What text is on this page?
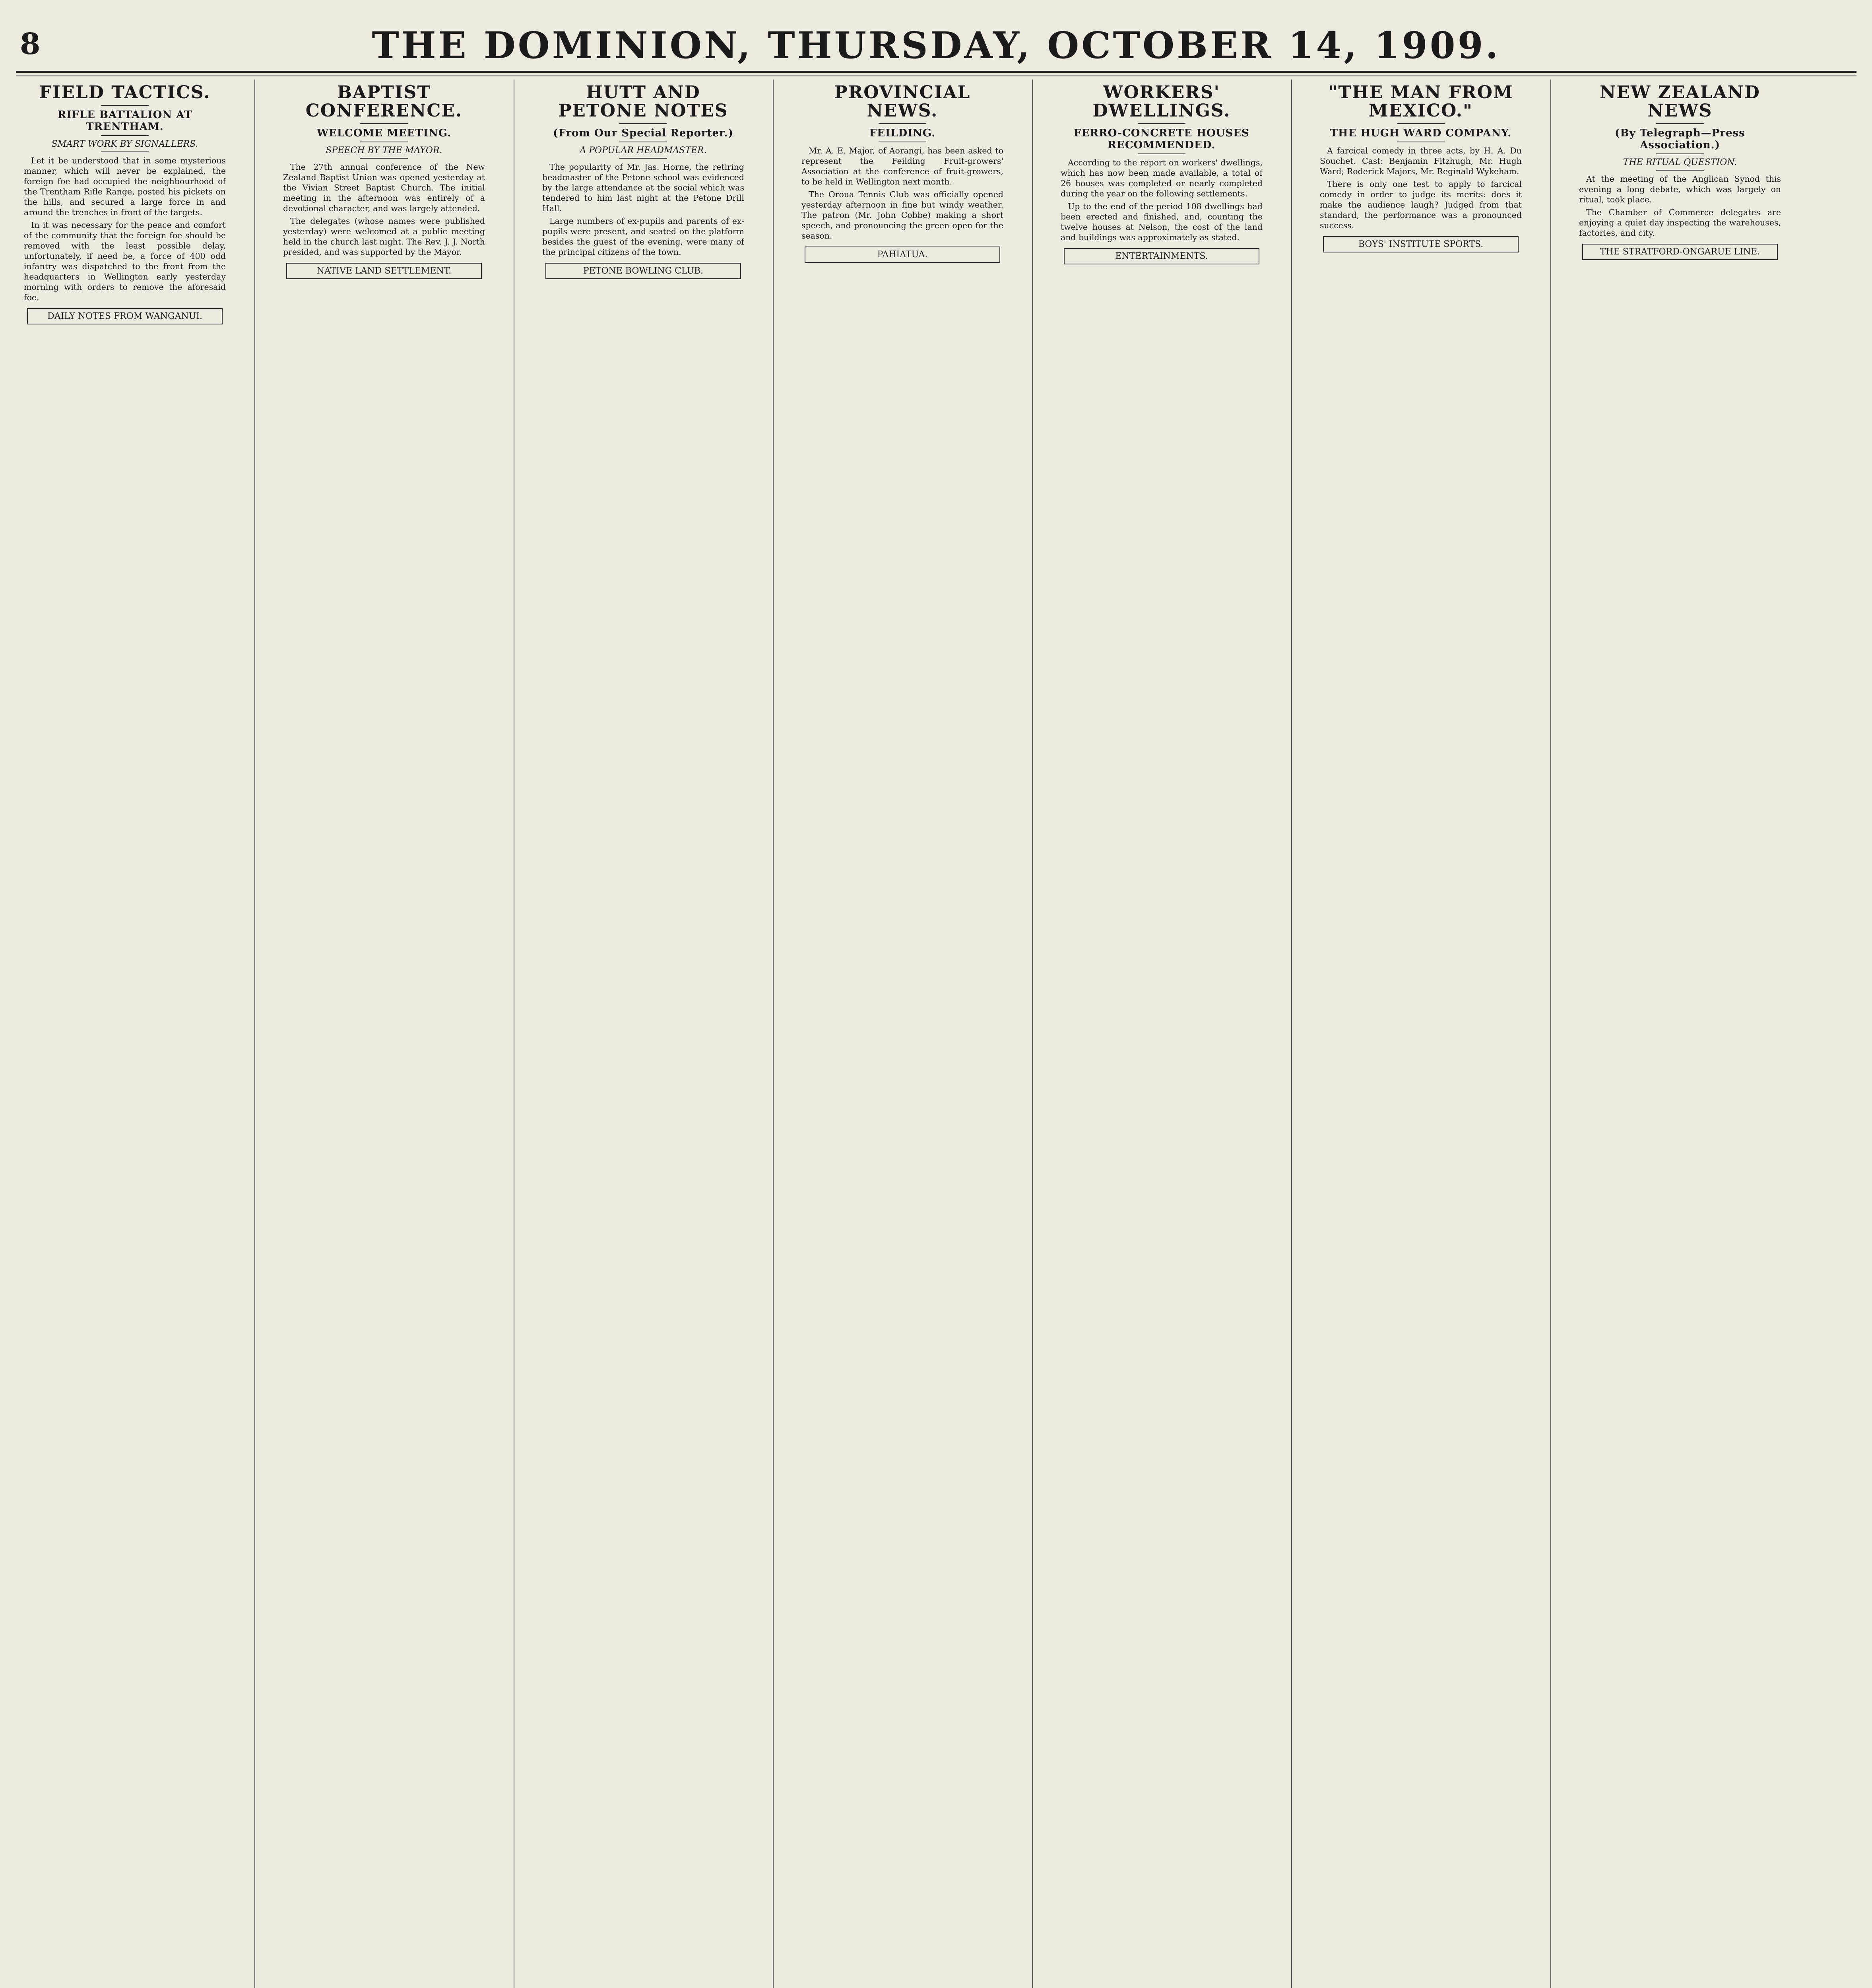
8	THE DOMINION, THURSDAY, OCTOBER 14, 1909.
FIELD TACTICS.
RIFLE BATTALION AT TRENTHAM.
SMART WORK BY SIGNALLERS.

Let it be understood that in some mysterious manner, which will never be explained, the foreign foe had occupied the neighbourhood of the Trentham Rifle Range, posted his pickets on the hills, and secured a large force in and around the trenches in front of the targets.

In it was necessary for the peace and comfort of the community that the foreign foe should be removed with the least possible delay, unfortunately, if need be, a force of 400 odd infantry was dispatched to the front from the headquarters in Wellington early yesterday morning with orders to remove the aforesaid foe.

DAILY NOTES FROM WANGANUI.
BAPTIST CONFERENCE.
WELCOME MEETING.
SPEECH BY THE MAYOR.

The 27th annual conference of the New Zealand Baptist Union was opened yesterday at the Vivian Street Baptist Church. The initial meeting in the afternoon was entirely of a devotional character, and was largely attended.

The delegates (whose names were published yesterday) were welcomed at a public meeting held in the church last night. The Rev. J. J. North presided, and was supported by the Mayor.

NATIVE LAND SETTLEMENT.
HUTT AND PETONE NOTES
(From Our Special Reporter.)
A POPULAR HEADMASTER.

The popularity of Mr. Jas. Horne, the retiring headmaster of the Petone school was evidenced by the large attendance at the social which was tendered to him last night at the Petone Drill Hall.

Large numbers of ex-pupils and parents of ex-pupils were present, and seated on the platform besides the guest of the evening, were many of the principal citizens of the town.

PETONE BOWLING CLUB.
PROVINCIAL NEWS.
FEILDING.

Mr. A. E. Major, of Aorangi, has been asked to represent the Feilding Fruit-growers' Association at the conference of fruit-growers, to be held in Wellington next month.

The Oroua Tennis Club was officially opened yesterday afternoon in fine but windy weather. The patron (Mr. John Cobbe) making a short speech, and pronouncing the green open for the season.

PAHIATUA.
WORKERS' DWELLINGS.
FERRO-CONCRETE HOUSES RECOMMENDED.

According to the report on workers' dwellings, which has now been made available, a total of 26 houses was completed or nearly completed during the year on the following settlements.

Up to the end of the period 108 dwellings had been erected and finished, and, counting the twelve houses at Nelson, the cost of the land and buildings was approximately as stated.

ENTERTAINMENTS.
"THE MAN FROM MEXICO."
THE HUGH WARD COMPANY.

A farcical comedy in three acts, by H. A. Du Souchet. Cast: Benjamin Fitzhugh, Mr. Hugh Ward; Roderick Majors, Mr. Reginald Wykeham.

There is only one test to apply to farcical comedy in order to judge its merits: does it make the audience laugh? Judged from that standard, the performance was a pronounced success.

BOYS' INSTITUTE SPORTS.
NEW ZEALAND NEWS
(By Telegraph—Press Association.)
THE RITUAL QUESTION.

At the meeting of the Anglican Synod this evening a long debate, which was largely on ritual, took place.

The Chamber of Commerce delegates are enjoying a quiet day inspecting the warehouses, factories, and city.

THE STRATFORD-ONGARUE LINE.
